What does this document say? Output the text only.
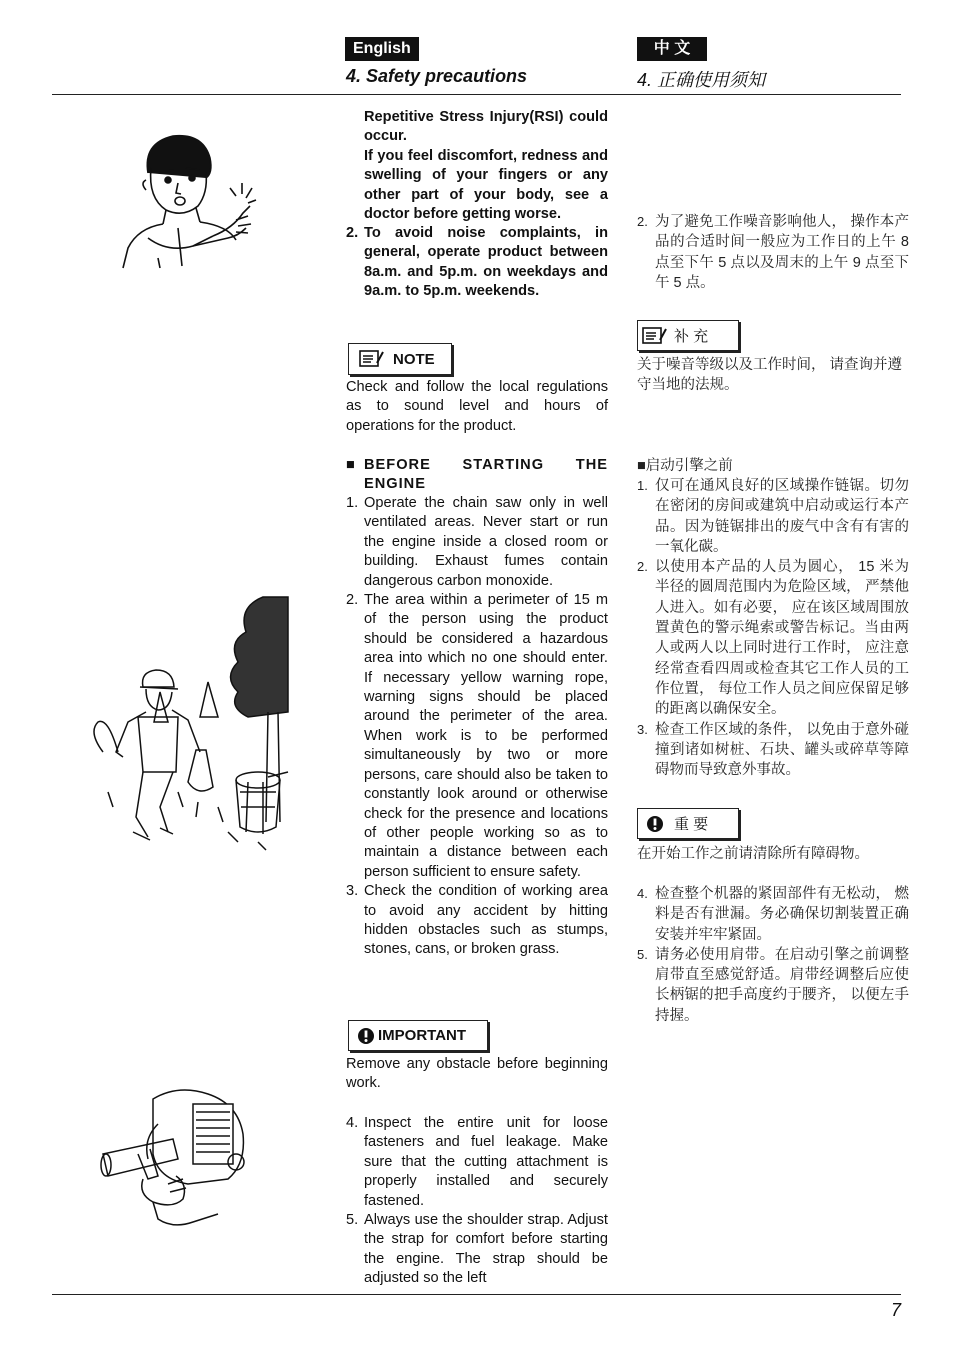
English	中 文
4. Safety precautions	4. 正确使用须知
Repetitive Stress Injury(RSI) could occur.
If you feel discomfort, redness and swelling of your fingers or any other part of your body, see a doctor before getting worse.
2. To avoid noise complaints, in general, operate product between 8a.m. and 5p.m. on weekdays and 9a.m. to 5p.m. weekends.
NOTE
Check and follow the local regulations as to sound level and hours of operations for the product.
■ BEFORE STARTING THE ENGINE
1. Operate the chain saw only in well ventilated areas. Never start or run the engine inside a closed room or building. Exhaust fumes contain dangerous carbon monoxide.
2. The area within a perimeter of 15 m of the person using the product should be considered a hazardous area into which no one should enter. If necessary yellow warning rope, warning signs should be placed around the perimeter of the area. When work is to be performed simultaneously by two or more persons, care should also be taken to constantly look around or otherwise check for the presence and locations of other people working so as to maintain a distance between each person sufficient to ensure safety.
3. Check the condition of working area to avoid any accident by hitting hidden obstacles such as stumps, stones, cans, or broken grass.
IMPORTANT
Remove any obstacle before beginning work.
4. Inspect the entire unit for loose fasteners and fuel leakage. Make sure that the cutting attachment is properly installed and securely fastened.
5. Always use the shoulder strap. Adjust the strap for comfort before starting the engine. The strap should be adjusted so the left
2. 为了避免工作噪音影响他人， 操作本产品的合适时间一般应为工作日的上午 8 点至下午 5 点以及周末的上午 9 点至下午 5 点。
补 充
关于噪音等级以及工作时间， 请查询并遵守当地的法规。
■启动引擎之前
1. 仅可在通风良好的区域操作链锯。切勿在密闭的房间或建筑中启动或运行本产品。因为链锯排出的废气中含有有害的一氧化碳。
2. 以使用本产品的人员为圆心， 15 米为半径的圆周范围内为危险区域， 严禁他人进入。如有必要， 应在该区域周围放置黄色的警示绳索或警告标记。当由两人或两人以上同时进行工作时， 应注意经常查看四周或检查其它工作人员的工作位置， 每位工作人员之间应保留足够的距离以确保安全。
3. 检查工作区域的条件， 以免由于意外碰撞到诸如树桩、石块、罐头或碎草等障碍物而导致意外事故。
重 要
在开始工作之前请清除所有障碍物。
4. 检查整个机器的紧固部件有无松动， 燃料是否有泄漏。务必确保切割装置正确安装并牢牢紧固。
5. 请务必使用肩带。在启动引擎之前调整肩带直至感觉舒适。肩带经调整后应使长柄锯的把手高度约于腰齐， 以便左手持握。
7
